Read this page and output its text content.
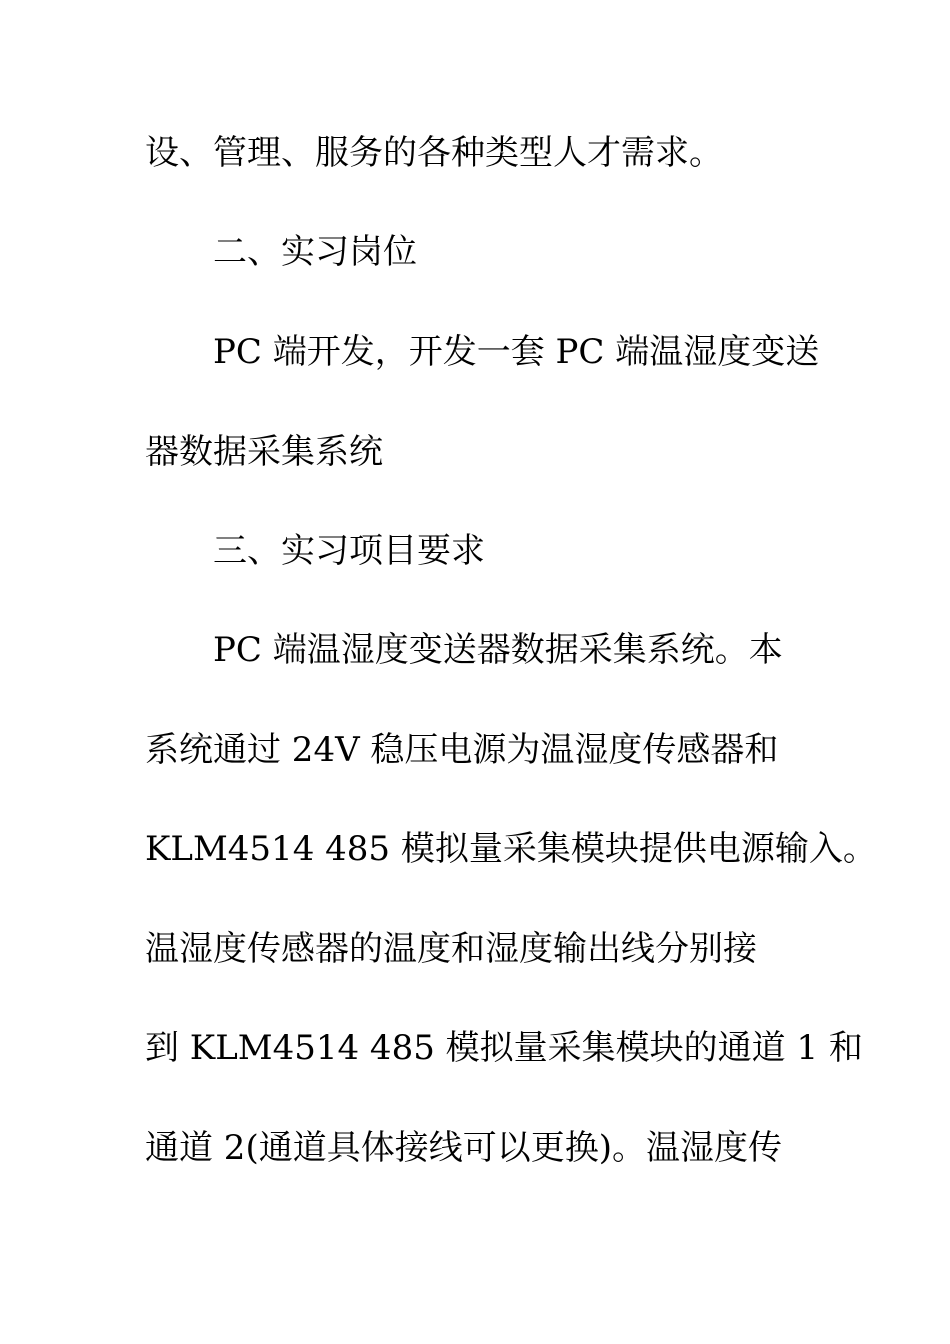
设、管理、服务的各种类型人才需求。
二、实习岗位
PC 端开发，开发一套 PC 端温湿度变送
器数据采集系统
三、实习项目要求
PC 端温湿度变送器数据采集系统。本
系统通过 24V 稳压电源为温湿度传感器和
KLM4514 485 模拟量采集模块提供电源输入。
温湿度传感器的温度和湿度输出线分别接
到 KLM4514 485 模拟量采集模块的通道 1 和
通道 2(通道具体接线可以更换)。温湿度传
